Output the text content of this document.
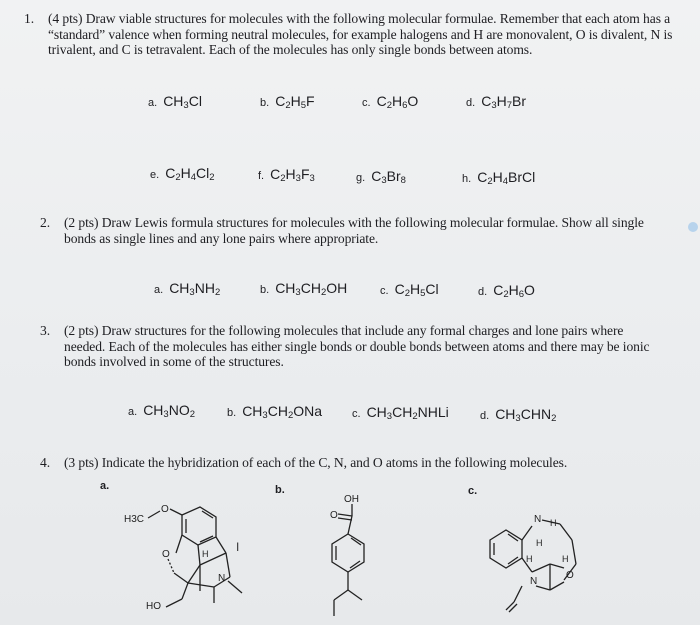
1. (4 pts) Draw viable structures for molecules with the following molecular formulae. Remember that each atom has a “standard” valence when forming neutral molecules, for example halogens and H are monovalent, O is divalent, N is trivalent, and C is tetravalent. Each of the molecules has only single bonds between atoms.
a. $CH_3Cl$	b. $C_2H_5F$	c. $C_2H_6O$	d. $C_3H_7Br$
e. $C_2H_4Cl_2$	f. $C_2H_3F_3$	g. $C_3Br_8$	h. $C_2H_4BrCl$
2. (2 pts) Draw Lewis formula structures for molecules with the following molecular formulae. Show all single bonds as single lines and any lone pairs where appropriate.
a. $CH_3NH_2$	b. $CH_3CH_2OH$	c. $C_2H_5Cl$	d. $C_2H_6O$
3. (2 pts) Draw structures for the following molecules that include any formal charges and lone pairs where needed. Each of the molecules has either single bonds or double bonds between atoms and there may be ionic bonds involved in some of the structures.
a. $CH_3NO_2$	b. $CH_3CH_2ONa$	c. $CH_3CH_2NHLi$	d. $CH_3CHN_2$
4. (3 pts) Indicate the hybridization of each of the C, N, and O atoms in the following molecules.
a.	b.	c.
H3C
O
O	H
N
HO
I
OH
O	N H
H
N
H	H
O
